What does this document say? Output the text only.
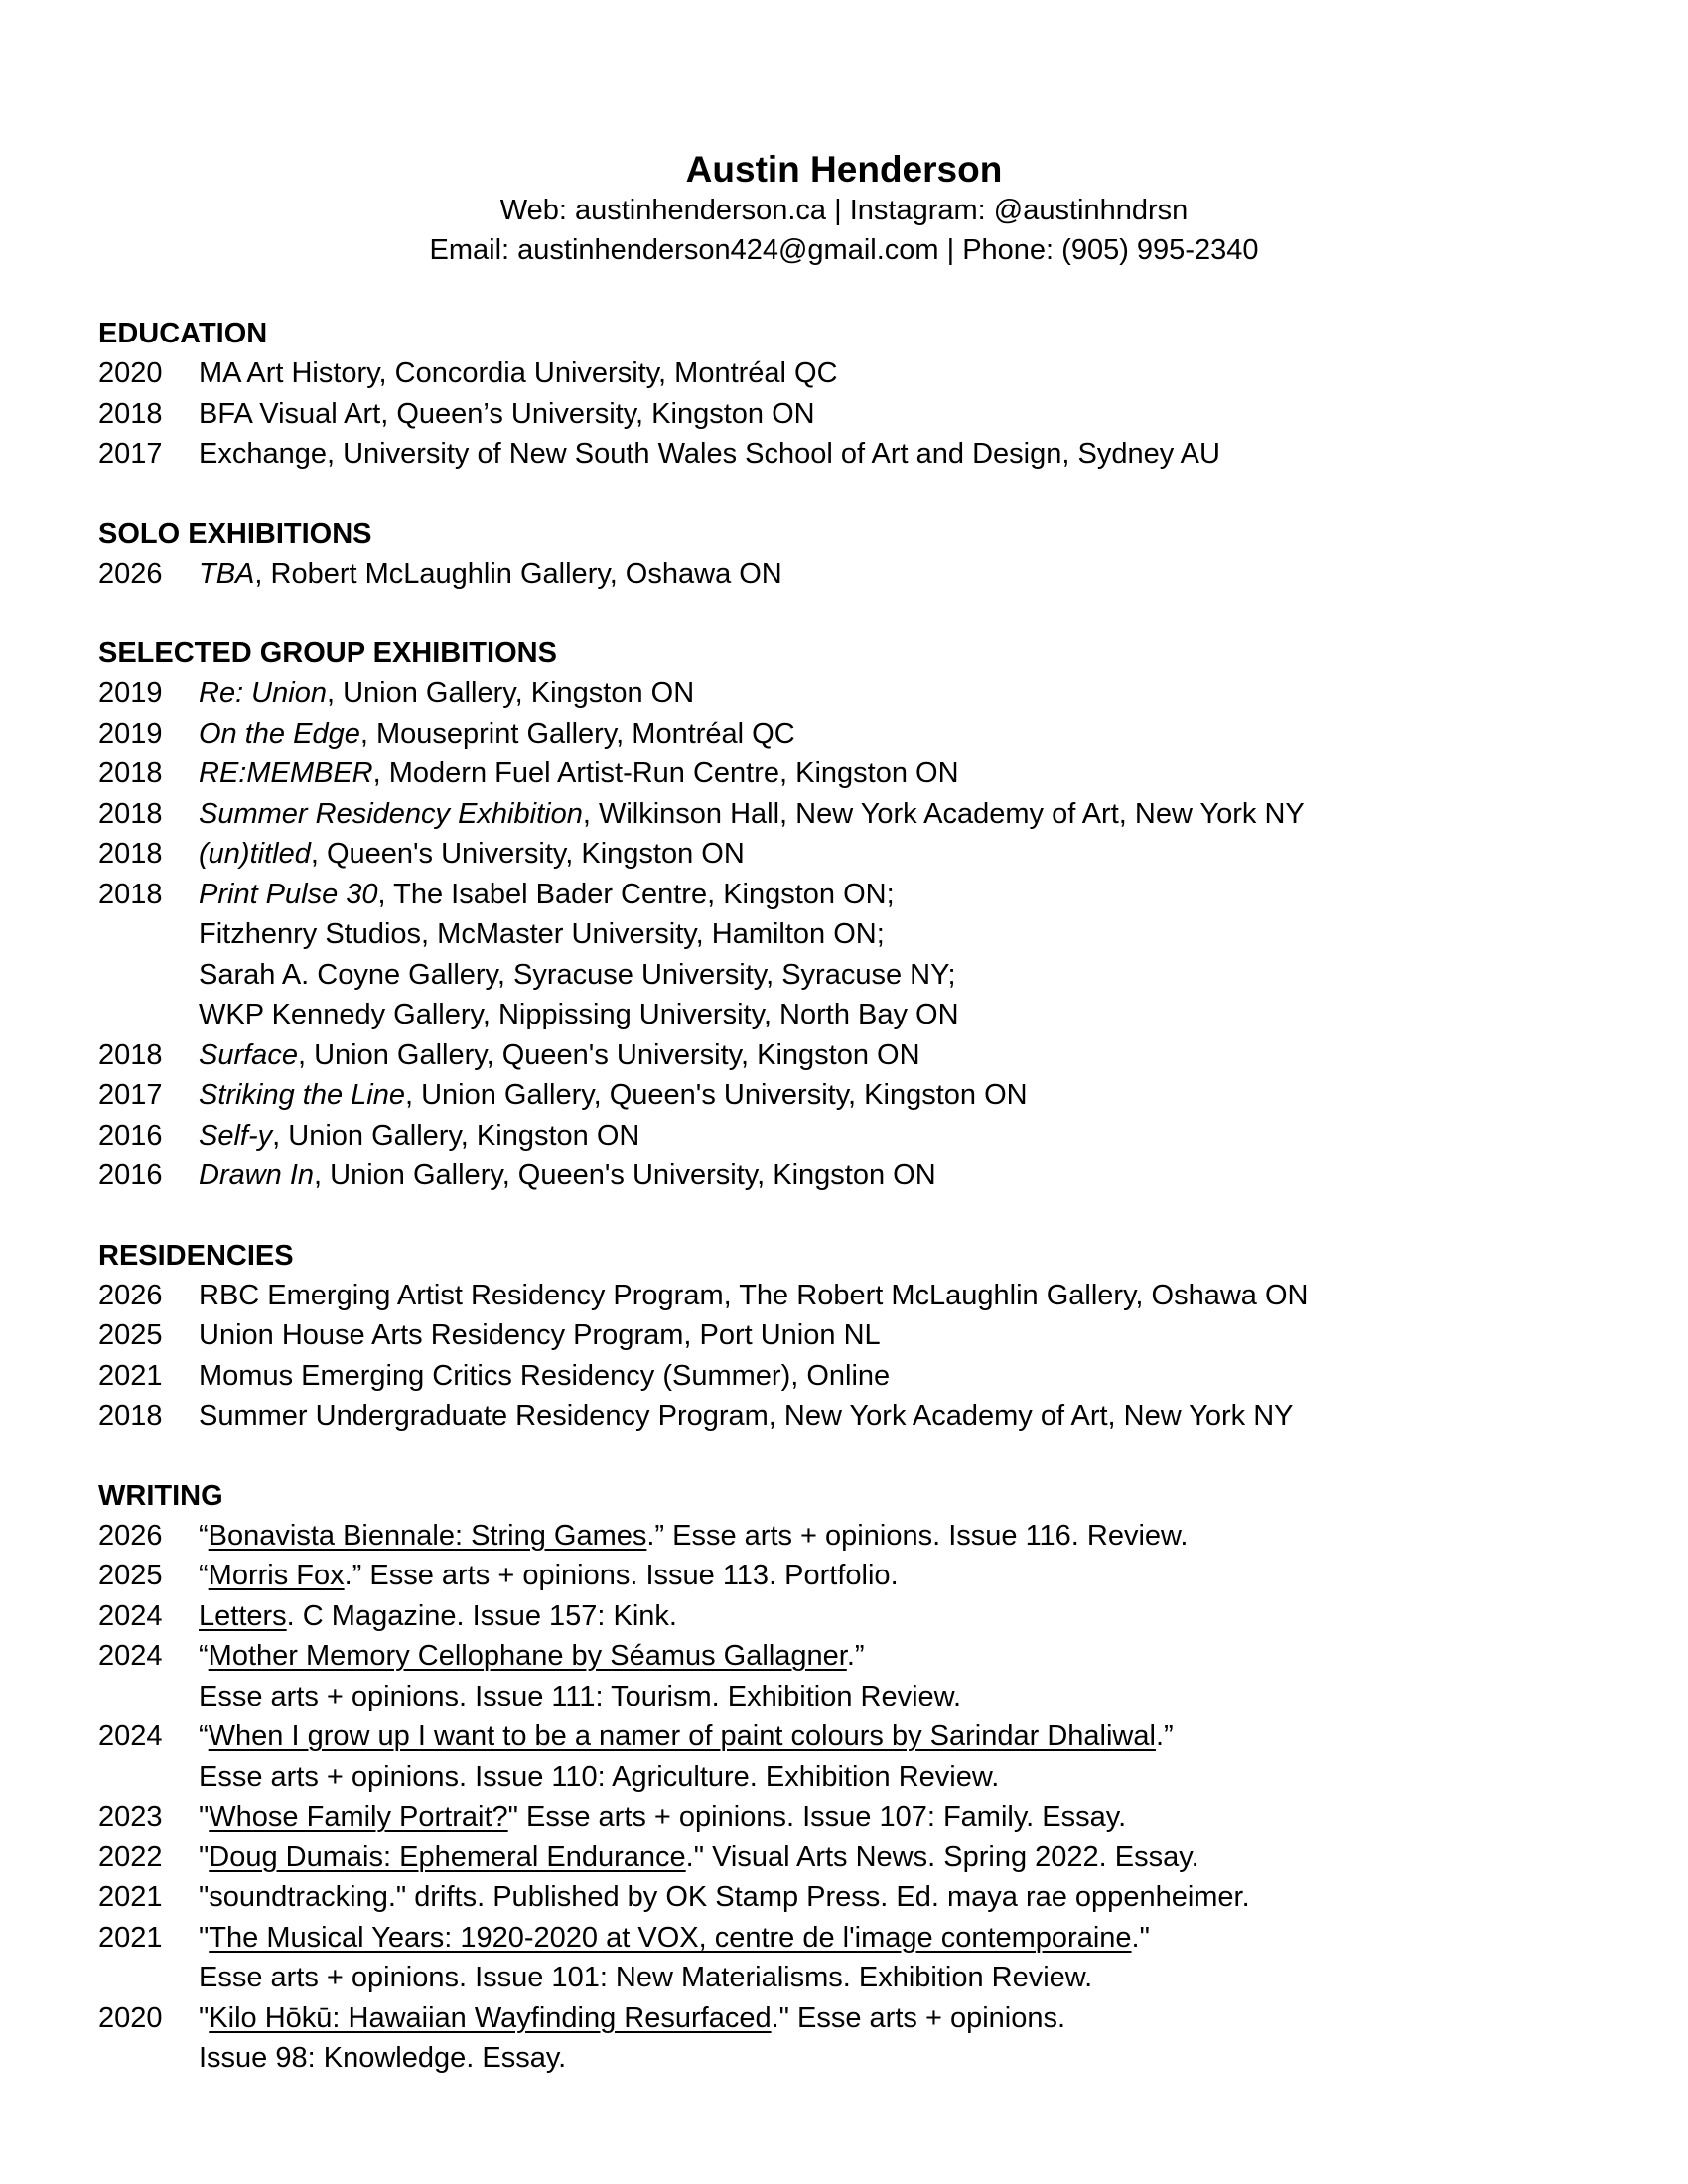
Austin Henderson

Web: austinhenderson.ca | Instagram: @austinhndrsn
Email: austinhenderson424@gmail.com | Phone: (905) 995-2340

EDUCATION
2020	MA Art History, Concordia University, Montréal QC
2018	BFA Visual Art, Queen’s University, Kingston ON
2017	Exchange, University of New South Wales School of Art and Design, Sydney AU
SOLO EXHIBITIONS
2026	TBA, Robert McLaughlin Gallery, Oshawa ON
SELECTED GROUP EXHIBITIONS
2019	Re: Union, Union Gallery, Kingston ON
2019	On the Edge, Mouseprint Gallery, Montréal QC
2018	RE:MEMBER, Modern Fuel Artist-Run Centre, Kingston ON
2018	Summer Residency Exhibition, Wilkinson Hall, New York Academy of Art, New York NY
2018	(un)titled, Queen's University, Kingston ON
2018	Print Pulse 30, The Isabel Bader Centre, Kingston ON;
Fitzhenry Studios, McMaster University, Hamilton ON;
Sarah A. Coyne Gallery, Syracuse University, Syracuse NY;
WKP Kennedy Gallery, Nippissing University, North Bay ON
2018	Surface, Union Gallery, Queen's University, Kingston ON
2017	Striking the Line, Union Gallery, Queen's University, Kingston ON
2016	Self-y, Union Gallery, Kingston ON
2016	Drawn In, Union Gallery, Queen's University, Kingston ON
RESIDENCIES
2026	RBC Emerging Artist Residency Program, The Robert McLaughlin Gallery, Oshawa ON
2025	Union House Arts Residency Program, Port Union NL
2021	Momus Emerging Critics Residency (Summer), Online
2018	Summer Undergraduate Residency Program, New York Academy of Art, New York NY
WRITING
2026	“Bonavista Biennale: String Games.” Esse arts + opinions. Issue 116. Review.
2025	“Morris Fox.” Esse arts + opinions. Issue 113. Portfolio.
2024	Letters. C Magazine. Issue 157: Kink.
2024	“Mother Memory Cellophane by Séamus Gallagner.”
Esse arts + opinions. Issue 111: Tourism. Exhibition Review.
2024	“When I grow up I want to be a namer of paint colours by Sarindar Dhaliwal.”
Esse arts + opinions. Issue 110: Agriculture. Exhibition Review.
2023	"Whose Family Portrait?" Esse arts + opinions. Issue 107: Family. Essay.
2022	"Doug Dumais: Ephemeral Endurance." Visual Arts News. Spring 2022. Essay.
2021	"soundtracking." drifts. Published by OK Stamp Press. Ed. maya rae oppenheimer.
2021	"The Musical Years: 1920-2020 at VOX, centre de l'image contemporaine."
Esse arts + opinions. Issue 101: New Materialisms. Exhibition Review.
2020	"Kilo Hōkū: Hawaiian Wayfinding Resurfaced." Esse arts + opinions.
Issue 98: Knowledge. Essay.
